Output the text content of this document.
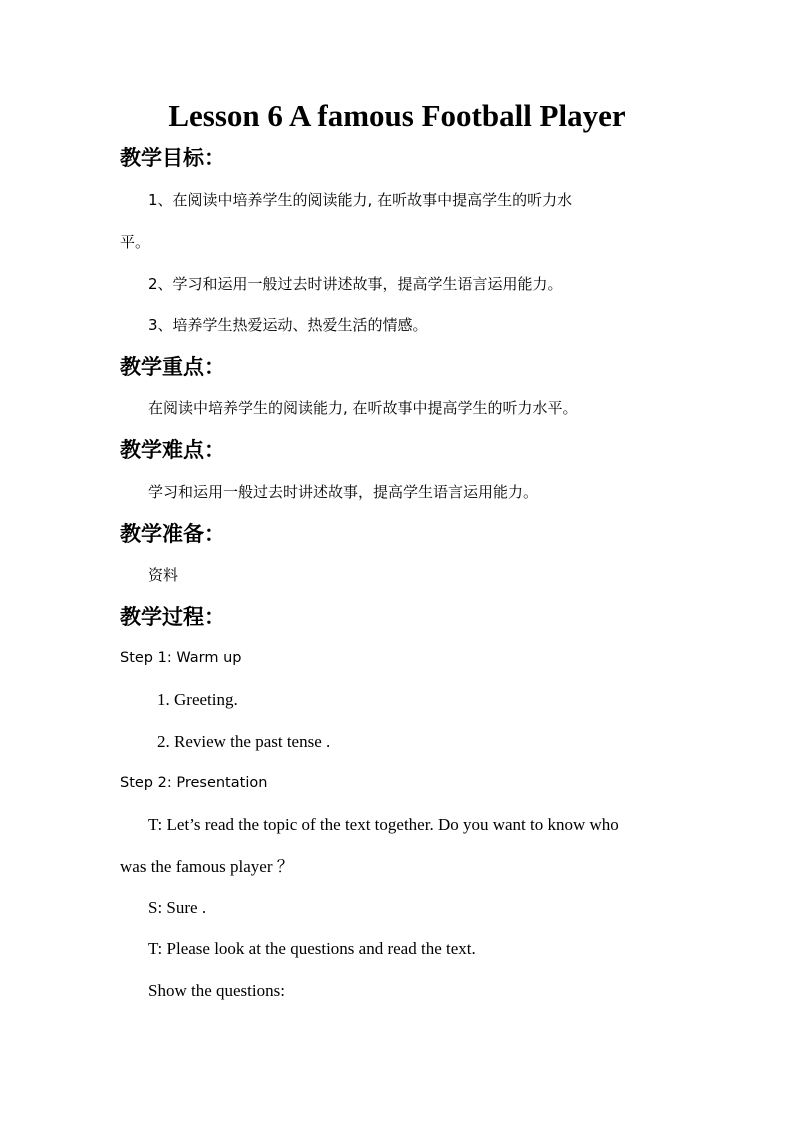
Lesson 6 A famous Football Player
教学目标：
1、在阅读中培养学生的阅读能力, 在听故事中提高学生的听力水
平。
2、学习和运用一般过去时讲述故事，提高学生语言运用能力。
3、培养学生热爱运动、热爱生活的情感。
教学重点：
在阅读中培养学生的阅读能力, 在听故事中提高学生的听力水平。
教学难点：
学习和运用一般过去时讲述故事，提高学生语言运用能力。
教学准备：
资料
教学过程：
Step 1: Warm up
1. Greeting.
2. Review the past tense .
Step 2: Presentation
T: Let’s read the topic of the text together. Do you want to know who
was the famous player ？
S: Sure .
T: Please look at the questions and read the text.
Show the questions:
